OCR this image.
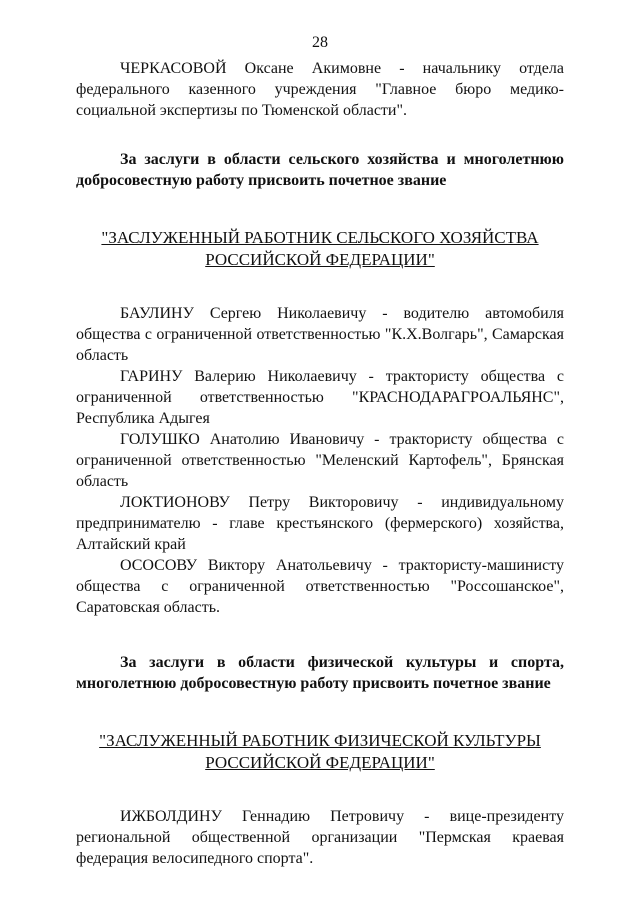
28

ЧЕРКАСОВОЙ Оксане Акимовне - начальнику отдела федерального казенного учреждения "Главное бюро медико-социальной экспертизы по Тюменской области".

За заслуги в области сельского хозяйства и многолетнюю добросовестную работу присвоить почетное звание

"ЗАСЛУЖЕННЫЙ РАБОТНИК СЕЛЬСКОГО ХОЗЯЙСТВА
РОССИЙСКОЙ ФЕДЕРАЦИИ"

БАУЛИНУ Сергею Николаевичу - водителю автомобиля общества с ограниченной ответственностью "К.Х.Волгарь", Самарская область

ГАРИНУ Валерию Николаевичу - трактористу общества с ограниченной ответственностью "КРАСНОДАРАГРОАЛЬЯНС", Республика Адыгея

ГОЛУШКО Анатолию Ивановичу - трактористу общества с ограниченной ответственностью "Меленский Картофель", Брянская область

ЛОКТИОНОВУ Петру Викторовичу - индивидуальному предпринимателю - главе крестьянского (фермерского) хозяйства, Алтайский край

ОСОСОВУ Виктору Анатольевичу - трактористу-машинисту общества с ограниченной ответственностью "Россошанское", Саратовская область.

За заслуги в области физической культуры и спорта, многолетнюю добросовестную работу присвоить почетное звание

"ЗАСЛУЖЕННЫЙ РАБОТНИК ФИЗИЧЕСКОЙ КУЛЬТУРЫ
РОССИЙСКОЙ ФЕДЕРАЦИИ"

ИЖБОЛДИНУ Геннадию Петровичу - вице-президенту региональной общественной организации "Пермская краевая федерация велосипедного спорта".
